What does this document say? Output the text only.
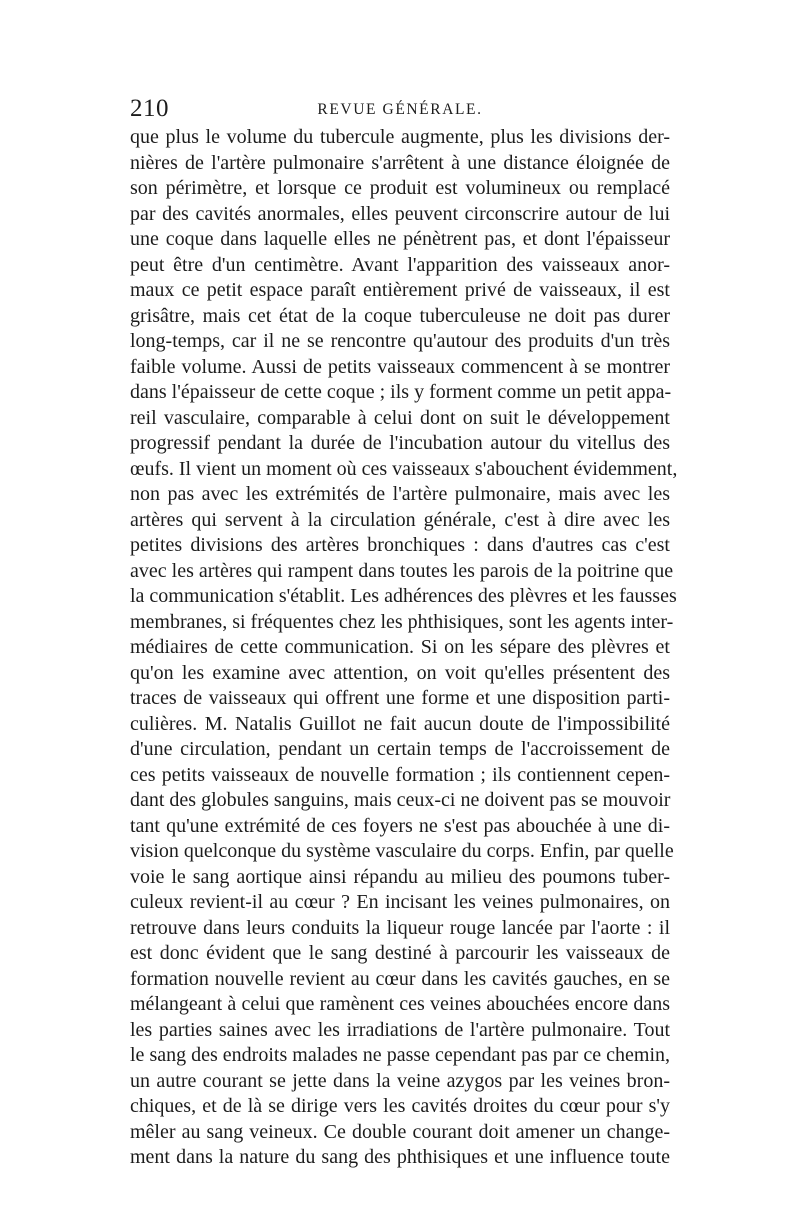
210	REVUE GÉNÉRALE.
que plus le volume du tubercule augmente, plus les divisions der-
nières de l'artère pulmonaire s'arrêtent à une distance éloignée de
son périmètre, et lorsque ce produit est volumineux ou remplacé
par des cavités anormales, elles peuvent circonscrire autour de lui
une coque dans laquelle elles ne pénètrent pas, et dont l'épaisseur
peut être d'un centimètre. Avant l'apparition des vaisseaux anor-
maux ce petit espace paraît entièrement privé de vaisseaux, il est
grisâtre, mais cet état de la coque tuberculeuse ne doit pas durer
long-temps, car il ne se rencontre qu'autour des produits d'un très
faible volume. Aussi de petits vaisseaux commencent à se montrer
dans l'épaisseur de cette coque ; ils y forment comme un petit appa-
reil vasculaire, comparable à celui dont on suit le développement
progressif pendant la durée de l'incubation autour du vitellus des
œufs. Il vient un moment où ces vaisseaux s'abouchent évidemment,
non pas avec les extrémités de l'artère pulmonaire, mais avec les
artères qui servent à la circulation générale, c'est à dire avec les
petites divisions des artères bronchiques : dans d'autres cas c'est
avec les artères qui rampent dans toutes les parois de la poitrine que
la communication s'établit. Les adhérences des plèvres et les fausses
membranes, si fréquentes chez les phthisiques, sont les agents inter-
médiaires de cette communication. Si on les sépare des plèvres et
qu'on les examine avec attention, on voit qu'elles présentent des
traces de vaisseaux qui offrent une forme et une disposition parti-
culières. M. Natalis Guillot ne fait aucun doute de l'impossibilité
d'une circulation, pendant un certain temps de l'accroissement de
ces petits vaisseaux de nouvelle formation ; ils contiennent cepen-
dant des globules sanguins, mais ceux-ci ne doivent pas se mouvoir
tant qu'une extrémité de ces foyers ne s'est pas abouchée à une di-
vision quelconque du système vasculaire du corps. Enfin, par quelle
voie le sang aortique ainsi répandu au milieu des poumons tuber-
culeux revient-il au cœur ? En incisant les veines pulmonaires, on
retrouve dans leurs conduits la liqueur rouge lancée par l'aorte : il
est donc évident que le sang destiné à parcourir les vaisseaux de
formation nouvelle revient au cœur dans les cavités gauches, en se
mélangeant à celui que ramènent ces veines abouchées encore dans
les parties saines avec les irradiations de l'artère pulmonaire. Tout
le sang des endroits malades ne passe cependant pas par ce chemin,
un autre courant se jette dans la veine azygos par les veines bron-
chiques, et de là se dirige vers les cavités droites du cœur pour s'y
mêler au sang veineux. Ce double courant doit amener un change-
ment dans la nature du sang des phthisiques et une influence toute
